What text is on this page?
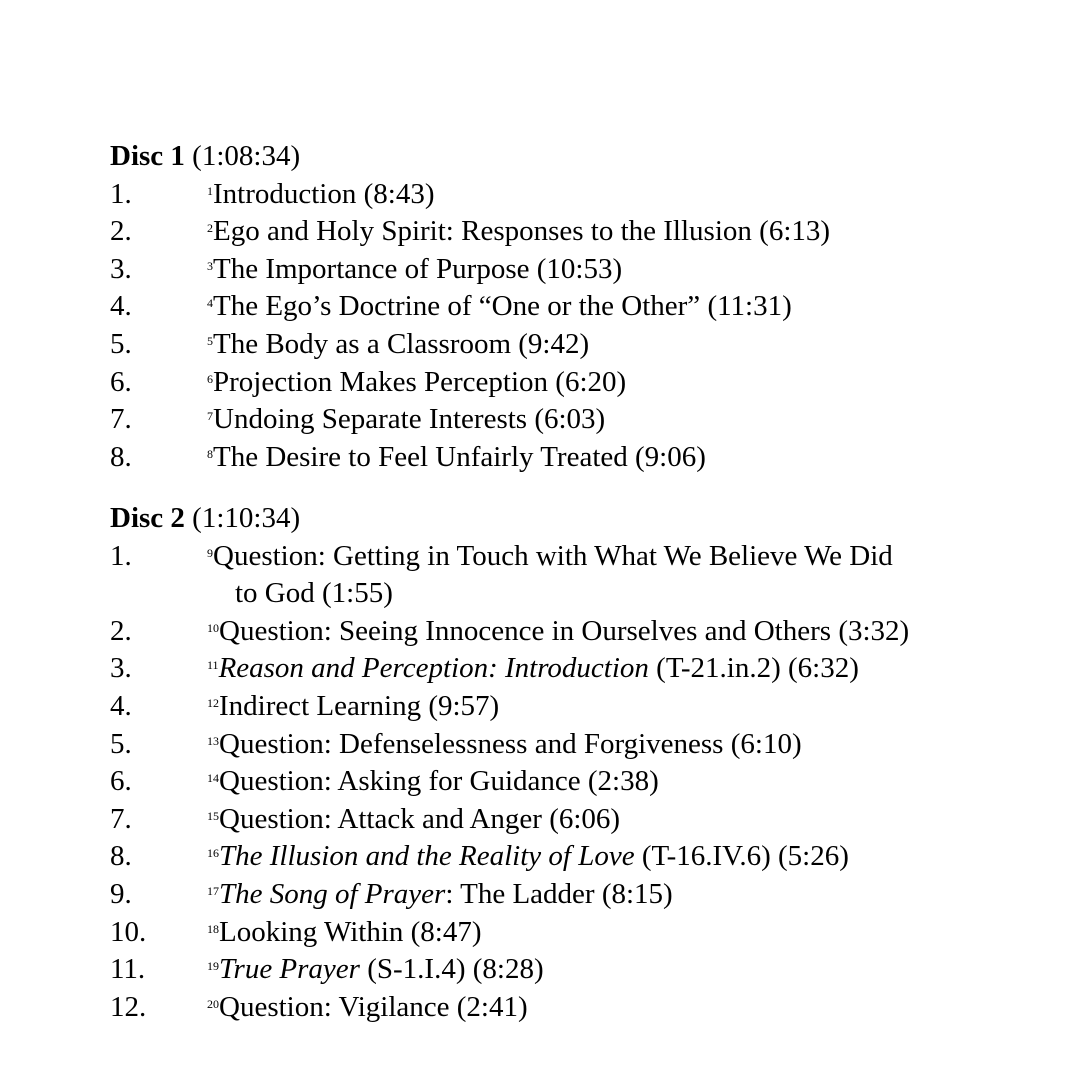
Disc 1 (1:08:34)
1.	$^1$Introduction (8:43)
2.	$^2$Ego and Holy Spirit: Responses to the Illusion (6:13)
3.	$^3$The Importance of Purpose (10:53)
4.	$^4$The Ego’s Doctrine of “One or the Other” (11:31)
5.	$^5$The Body as a Classroom (9:42)
6.	$^6$Projection Makes Perception (6:20)
7.	$^7$Undoing Separate Interests (6:03)
8.	$^8$The Desire to Feel Unfairly Treated (9:06)
Disc 2 (1:10:34)
1.	$^9$Question: Getting in Touch with What We Believe We Did
to God (1:55)
2.	$^{10}$Question: Seeing Innocence in Ourselves and Others (3:32)
3.	$^{11}$Reason and Perception: Introduction (T-21.in.2) (6:32)
4.	$^{12}$Indirect Learning (9:57)
5.	$^{13}$Question: Defenselessness and Forgiveness (6:10)
6.	$^{14}$Question: Asking for Guidance (2:38)
7.	$^{15}$Question: Attack and Anger (6:06)
8.	$^{16}$The Illusion and the Reality of Love (T-16.IV.6) (5:26)
9.	$^{17}$The Song of Prayer: The Ladder (8:15)
10.	$^{18}$Looking Within (8:47)
11.	$^{19}$True Prayer (S-1.I.4) (8:28)
12.	$^{20}$Question: Vigilance (2:41)
